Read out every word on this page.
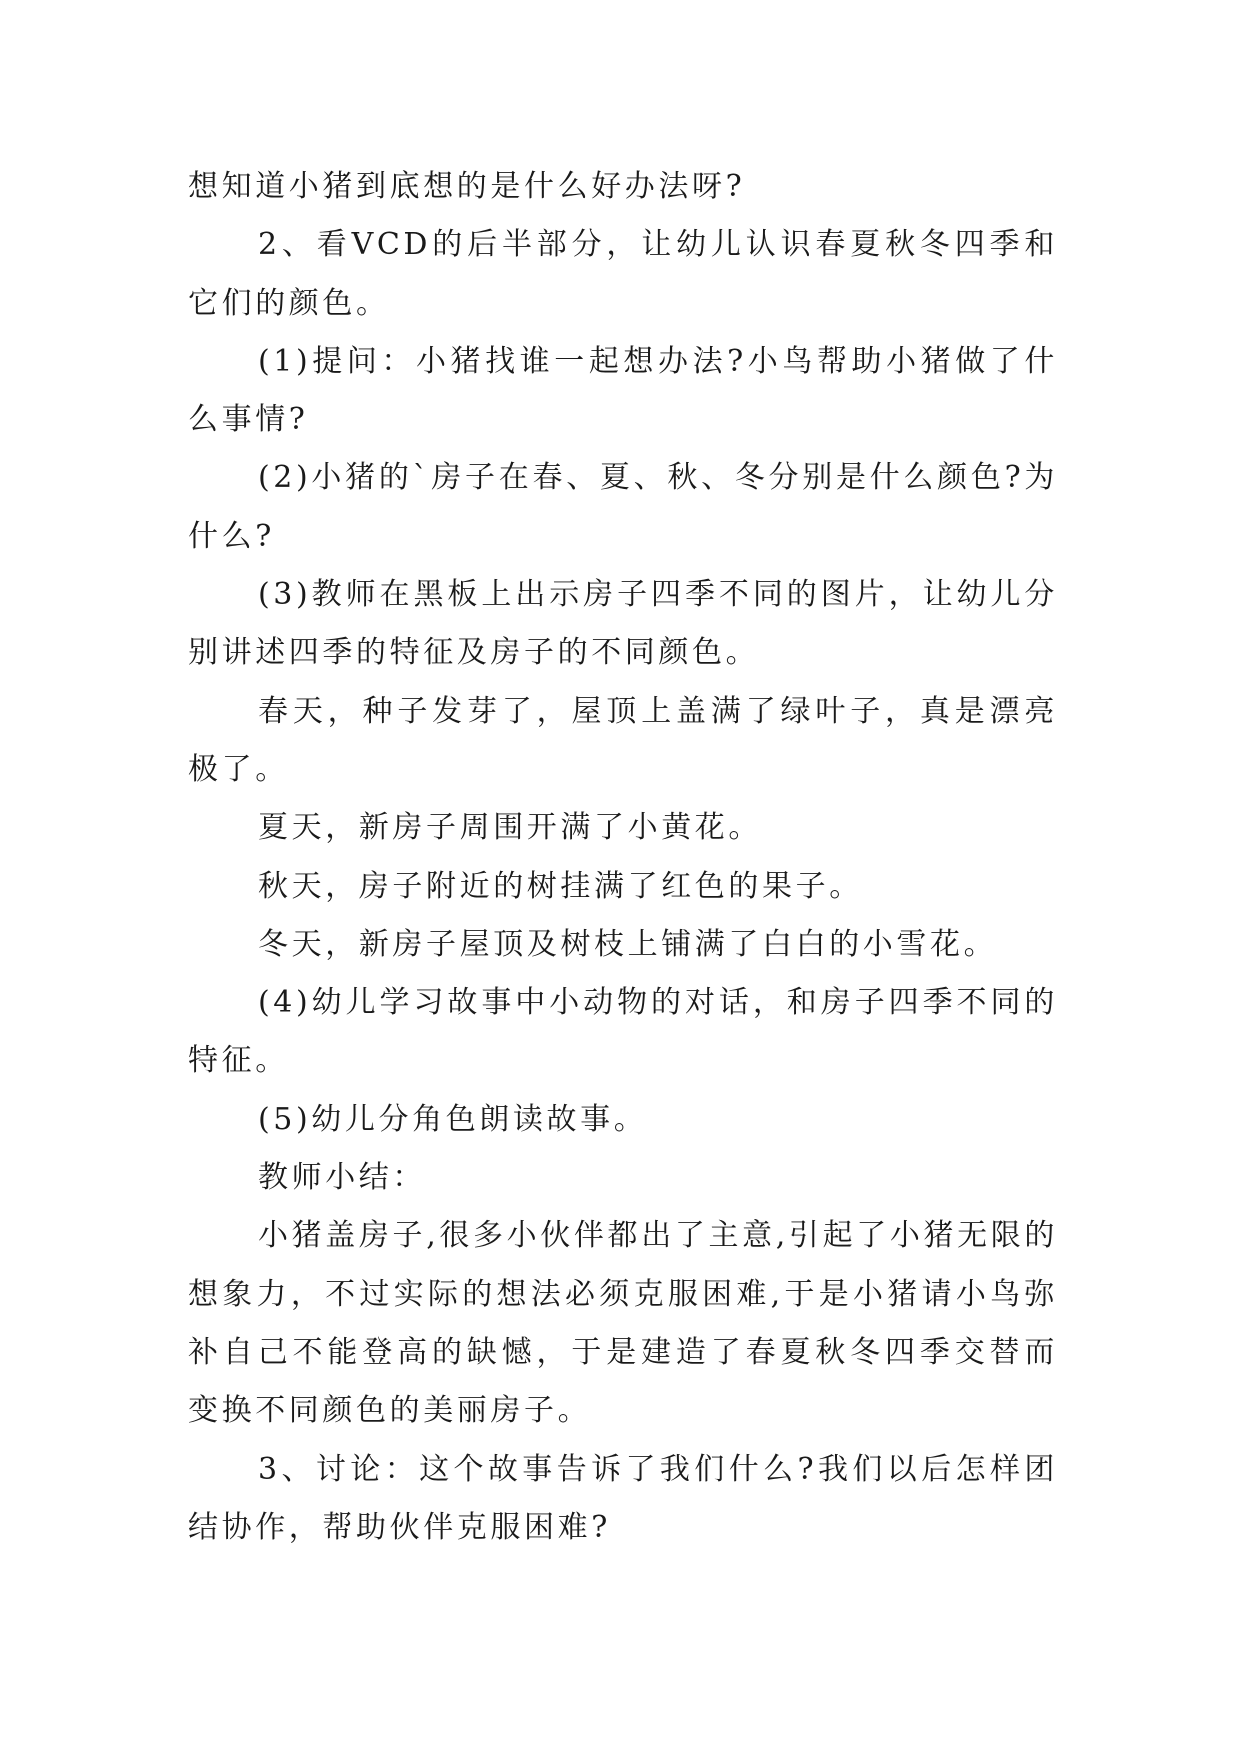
想知道小猪到底想的是什么好办法呀?

2、看VCD的后半部分，让幼儿认识春夏秋冬四季和它们的颜色。

(1)提问：小猪找谁一起想办法?小鸟帮助小猪做了什么事情?

(2)小猪的`房子在春、夏、秋、冬分别是什么颜色?为什么?

(3)教师在黑板上出示房子四季不同的图片，让幼儿分别讲述四季的特征及房子的不同颜色。

春天，种子发芽了，屋顶上盖满了绿叶子，真是漂亮极了。

夏天，新房子周围开满了小黄花。

秋天，房子附近的树挂满了红色的果子。

冬天，新房子屋顶及树枝上铺满了白白的小雪花。

(4)幼儿学习故事中小动物的对话，和房子四季不同的特征。

(5)幼儿分角色朗读故事。

教师小结：

小猪盖房子,很多小伙伴都出了主意,引起了小猪无限的想象力，不过实际的想法必须克服困难,于是小猪请小鸟弥补自己不能登高的缺憾，于是建造了春夏秋冬四季交替而变换不同颜色的美丽房子。

3、讨论：这个故事告诉了我们什么?我们以后怎样团结协作，帮助伙伴克服困难?
